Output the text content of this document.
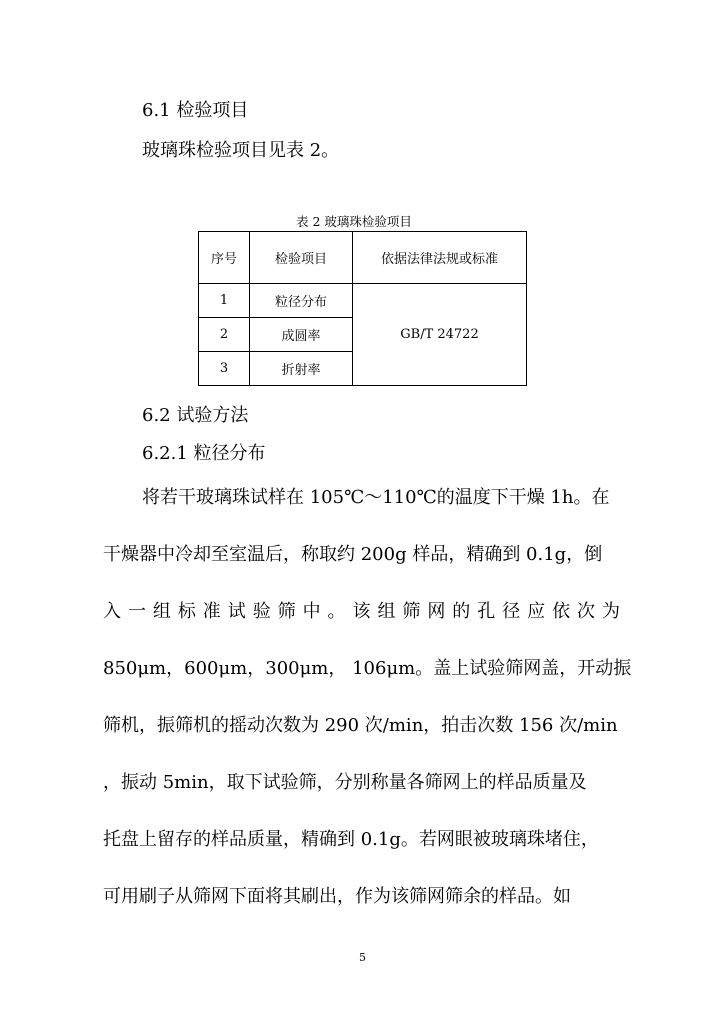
6.1 检验项目
玻璃珠检验项目见表 2。
表 2 玻璃珠检验项目
序号	检验项目	依据法律法规或标准
1	粒径分布	GB/T 24722
2	成圆率	
3	折射率	
6.2 试验方法
6.2.1 粒径分布
将若干玻璃珠试样在 105℃～110℃的温度下干燥 1h。在
干燥器中冷却至室温后，称取约 200g 样品，精确到 0.1g，倒
入一组标准试验筛中。该组筛网的孔径应依次为
850μm，600μm，300μm， 106μm。盖上试验筛网盖，开动振
筛机，振筛机的摇动次数为 290 次/min，拍击次数 156 次/min
，振动 5min，取下试验筛，分别称量各筛网上的样品质量及
托盘上留存的样品质量，精确到 0.1g。若网眼被玻璃珠堵住，
可用刷子从筛网下面将其刷出，作为该筛网筛余的样品。如
5
